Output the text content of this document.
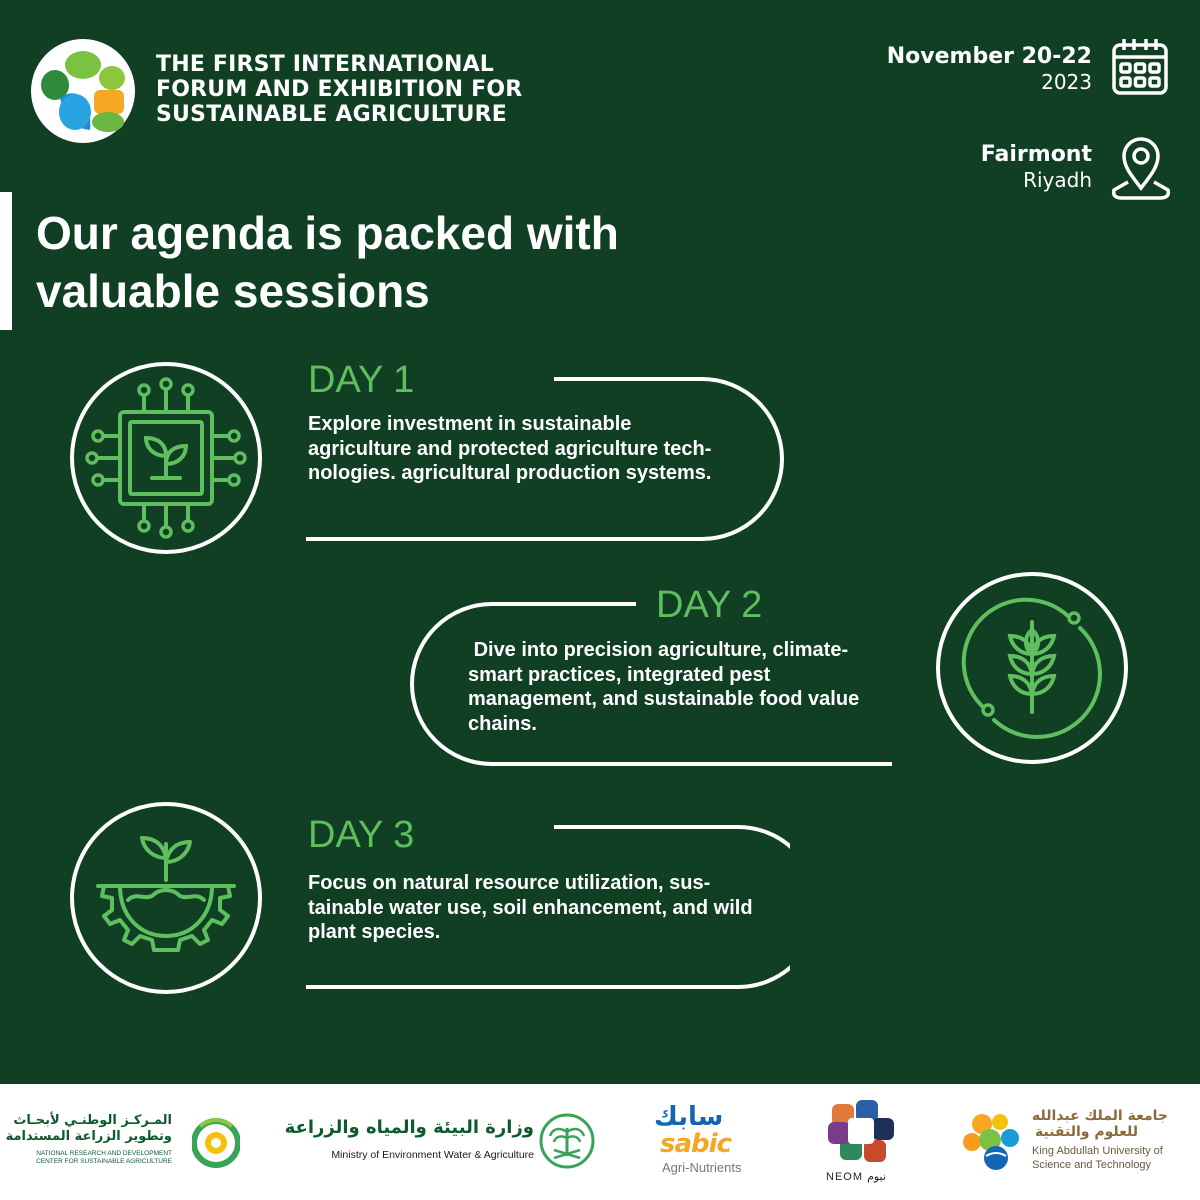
THE FIRST INTERNATIONAL
FORUM AND EXHIBITION FOR
SUSTAINABLE AGRICULTURE
November 20-22
2023
Fairmont
Riyadh
Our agenda is packed with
valuable sessions
DAY 1
Explore investment in sustainable agriculture and protected agriculture tech-nologies. agricultural production systems.
DAY 2
Dive into precision agriculture, climate-smart practices, integrated pest management, and sustainable food value chains.
DAY 3
Focus on natural resource utilization, sus-tainable water use, soil enhancement, and wild plant species.
المـركـز الوطنـي لأبحـاث
وتطوير الزراعة المستدامة
NATIONAL RESEARCH AND DEVELOPMENT
CENTER FOR SUSTAINABLE AGRICULTURE
وزارة البيئة والمياه والزراعة
Ministry of Environment Water & Agriculture
سابك
sabic
Agri-Nutrients
NEOM نيوم
جامعة الملك عبدالله
للعلوم والتقنية
King Abdullah University of
Science and Technology
